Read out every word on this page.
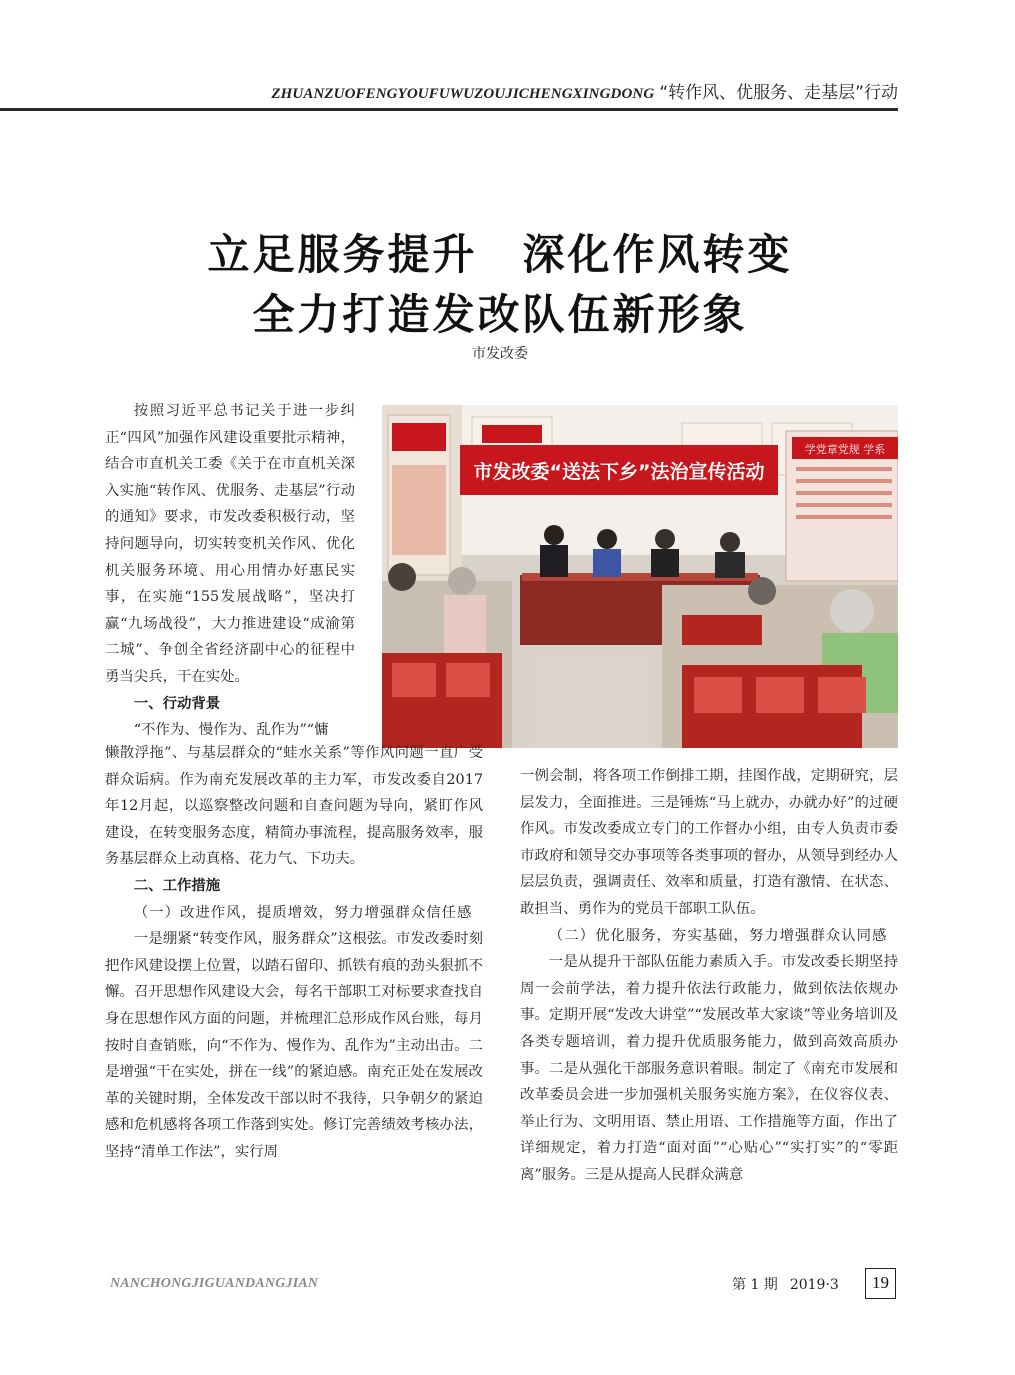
ZHUANZUOFENGYOUFUWUZOUJICHENGXINGDONG “转作风、优服务、走基层”行动
立足服务提升　深化作风转变
全力打造发改队伍新形象
市发改委

按照习近平总书记关于进一步纠正“四风”加强作风建设重要批示精神，结合市直机关工委《关于在市直机关深入实施“转作风、优服务、走基层”行动的通知》要求，市发改委积极行动，坚持问题导向，切实转变机关作风、优化机关服务环境、用心用情办好惠民实事，在实施“155发展战略”，坚决打赢“九场战役”，大力推进建设“成渝第二城”、争创全省经济副中心的征程中勇当尖兵，干在实处。

一、行动背景

“不作为、慢作为、乱作为”“慵

市发改委“送法下乡”法治宣传活动
学党章党规 学系

懒散浮拖”、与基层群众的“蛙水关系”等作风问题一直广受群众诟病。作为南充发展改革的主力军，市发改委自2017年12月起，以巡察整改问题和自查问题为导向，紧盯作风建设，在转变服务态度，精简办事流程，提高服务效率，服务基层群众上动真格、花力气、下功夫。

二、工作措施

（一）改进作风，提质增效，努力增强群众信任感

一是绷紧“转变作风，服务群众”这根弦。市发改委时刻把作风建设摆上位置，以踏石留印、抓铁有痕的劲头狠抓不懈。召开思想作风建设大会，每名干部职工对标要求查找自身在思想作风方面的问题，并梳理汇总形成作风台账，每月按时自查销账，向“不作为、慢作为、乱作为”主动出击。二是增强“干在实处，拼在一线”的紧迫感。南充正处在发展改革的关键时期，全体发改干部以时不我待，只争朝夕的紧迫感和危机感将各项工作落到实处。修订完善绩效考核办法，坚持“清单工作法”，实行周

一例会制，将各项工作倒排工期，挂图作战，定期研究，层层发力，全面推进。三是锤炼“马上就办，办就办好”的过硬作风。市发改委成立专门的工作督办小组，由专人负责市委市政府和领导交办事项等各类事项的督办，从领导到经办人层层负责，强调责任、效率和质量，打造有激情、在状态、敢担当、勇作为的党员干部职工队伍。

（二）优化服务，夯实基础，努力增强群众认同感

一是从提升干部队伍能力素质入手。市发改委长期坚持周一会前学法，着力提升依法行政能力，做到依法依规办事。定期开展“发改大讲堂”“发展改革大家谈”等业务培训及各类专题培训，着力提升优质服务能力，做到高效高质办事。二是从强化干部服务意识着眼。制定了《南充市发展和改革委员会进一步加强机关服务实施方案》，在仪容仪表、举止行为、文明用语、禁止用语、工作措施等方面，作出了详细规定，着力打造“面对面”“心贴心”“实打实”的“零距离”服务。三是从提高人民群众满意

NANCHONGJIGUANDANGJIAN	第 1 期 2019·3	19
